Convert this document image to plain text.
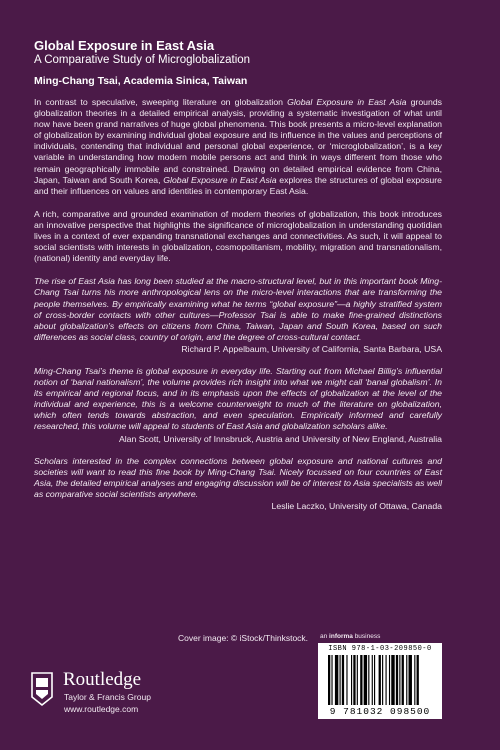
Global Exposure in East Asia
A Comparative Study of Microglobalization
Ming-Chang Tsai, Academia Sinica, Taiwan

In contrast to speculative, sweeping literature on globalization Global Exposure in East Asia grounds globalization theories in a detailed empirical analysis, providing a systematic investigation of what until now have been grand narratives of huge global phenomena. This book presents a micro-level explanation of globalization by examining individual global exposure and its influence in the values and perceptions of individuals, contending that individual and personal global experience, or ‘microglobalization’, is a key variable in understanding how modern mobile persons act and think in ways different from those who remain geographically immobile and constrained. Drawing on detailed empirical evidence from China, Japan, Taiwan and South Korea, Global Exposure in East Asia explores the structures of global exposure and their influences on values and identities in contemporary East Asia.

A rich, comparative and grounded examination of modern theories of globalization, this book introduces an innovative perspective that highlights the significance of microglobalization in understanding quotidian lives in a context of ever expanding transnational exchanges and connectivities. As such, it will appeal to social scientists with interests in globalization, cosmopolitanism, mobility, migration and transnationalism, (national) identity and everyday life.

The rise of East Asia has long been studied at the macro-structural level, but in this important book Ming-Chang Tsai turns his more anthropological lens on the micro-level interactions that are transforming the people themselves. By empirically examining what he terms “global exposure”—a highly stratified system of cross-border contacts with other cultures—Professor Tsai is able to make fine-grained distinctions about globalization’s effects on citizens from China, Taiwan, Japan and South Korea, based on such differences as social class, country of origin, and the degree of cross-cultural contact.

Richard P. Appelbaum, University of California, Santa Barbara, USA

Ming-Chang Tsai’s theme is global exposure in everyday life. Starting out from Michael Billig’s influential notion of ‘banal nationalism’, the volume provides rich insight into what we might call ‘banal globalism’. In its empirical and regional focus, and in its emphasis upon the effects of globalization at the level of the individual and experience, this is a welcome counterweight to much of the literature on globalization, which often tends towards abstraction, and even speculation. Empirically informed and carefully researched, this volume will appeal to students of East Asia and globalization scholars alike.

Alan Scott, University of Innsbruck, Austria and University of New England, Australia

Scholars interested in the complex connections between global exposure and national cultures and societies will want to read this fine book by Ming-Chang Tsai. Nicely focussed on four countries of East Asia, the detailed empirical analyses and engaging discussion will be of interest to Asia specialists as well as comparative social scientists anywhere.

Leslie Laczko, University of Ottawa, Canada
Cover image: © iStock/Thinkstock. an informa business
ISBN 978-1-03-209850-0
9 781032 098500
Routledge
Taylor & Francis Group
www.routledge.com
